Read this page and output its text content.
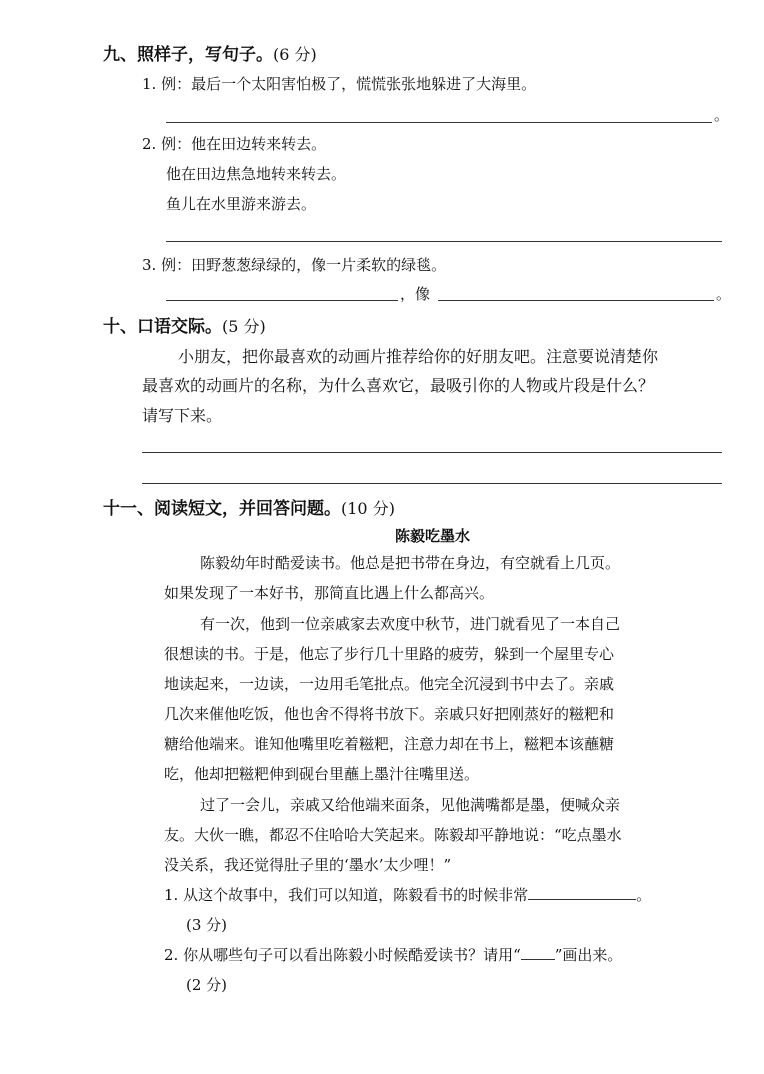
九、照样子，写句子。(6 分)
1. 例：最后一个太阳害怕极了，慌慌张张地躲进了大海里。
。
2. 例：他在田边转来转去。
他在田边焦急地转来转去。
鱼儿在水里游来游去。
3. 例：田野葱葱绿绿的，像一片柔软的绿毯。
，像	。
十、口语交际。(5 分)
小朋友，把你最喜欢的动画片推荐给你的好朋友吧。注意要说清楚你
最喜欢的动画片的名称，为什么喜欢它，最吸引你的人物或片段是什么？
请写下来。
十一、阅读短文，并回答问题。(10 分)
陈毅吃墨水
陈毅幼年时酷爱读书。他总是把书带在身边，有空就看上几页。
如果发现了一本好书，那简直比遇上什么都高兴。
有一次，他到一位亲戚家去欢度中秋节，进门就看见了一本自己
很想读的书。于是，他忘了步行几十里路的疲劳，躲到一个屋里专心
地读起来，一边读，一边用毛笔批点。他完全沉浸到书中去了。亲戚
几次来催他吃饭，他也舍不得将书放下。亲戚只好把刚蒸好的糍粑和
糖给他端来。谁知他嘴里吃着糍粑，注意力却在书上，糍粑本该蘸糖
吃，他却把糍粑伸到砚台里蘸上墨汁往嘴里送。
过了一会儿，亲戚又给他端来面条，见他满嘴都是墨，便喊众亲
友。大伙一瞧，都忍不住哈哈大笑起来。陈毅却平静地说：“吃点墨水
没关系，我还觉得肚子里的‘墨水’太少哩！”
1. 从这个故事中，我们可以知道，陈毅看书的时候非常	。
(3 分)
2. 你从哪些句子可以看出陈毅小时候酷爱读书？请用“ ”画出来。
(2 分)
